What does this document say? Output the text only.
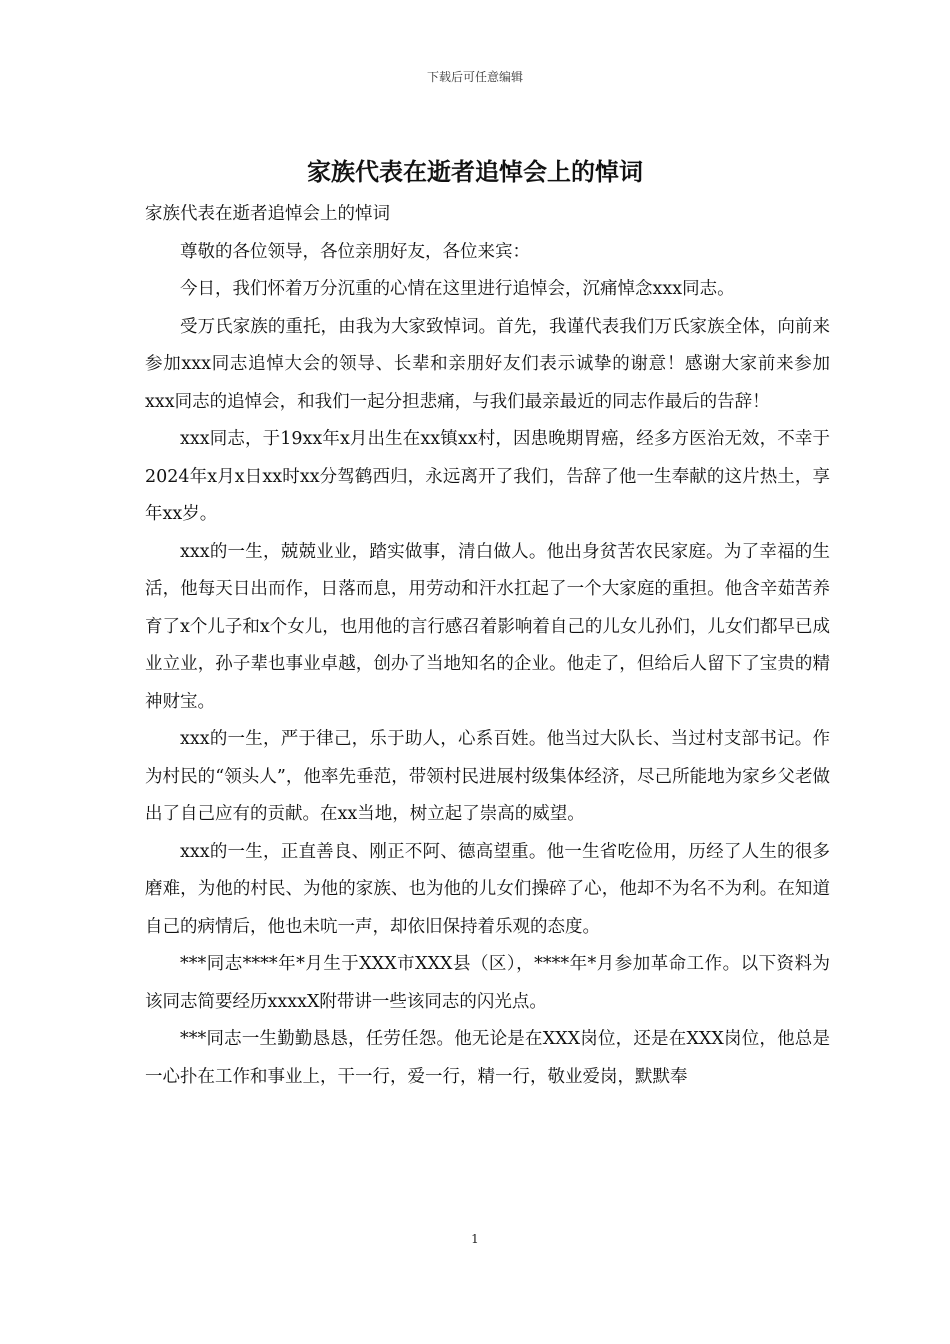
下载后可任意编辑
家族代表在逝者追悼会上的悼词

家族代表在逝者追悼会上的悼词

尊敬的各位领导，各位亲朋好友，各位来宾：

今日，我们怀着万分沉重的心情在这里进行追悼会，沉痛悼念xxx同志。

受万氏家族的重托，由我为大家致悼词。首先，我谨代表我们万氏家族全体，向前来参加xxx同志追悼大会的领导、长辈和亲朋好友们表示诚挚的谢意！感谢大家前来参加xxx同志的追悼会，和我们一起分担悲痛，与我们最亲最近的同志作最后的告辞！

xxx同志，于19xx年x月出生在xx镇xx村，因患晚期胃癌，经多方医治无效，不幸于2024年x月x日xx时xx分驾鹤西归，永远离开了我们，告辞了他一生奉献的这片热土，享年xx岁。

xxx的一生，兢兢业业，踏实做事，清白做人。他出身贫苦农民家庭。为了幸福的生活，他每天日出而作，日落而息，用劳动和汗水扛起了一个大家庭的重担。他含辛茹苦养育了x个儿子和x个女儿，也用他的言行感召着影响着自己的儿女儿孙们，儿女们都早已成业立业，孙子辈也事业卓越，创办了当地知名的企业。他走了，但给后人留下了宝贵的精神财宝。

xxx的一生，严于律己，乐于助人，心系百姓。他当过大队长、当过村支部书记。作为村民的“领头人”，他率先垂范，带领村民进展村级集体经济，尽己所能地为家乡父老做出了自己应有的贡献。在xx当地，树立起了崇高的威望。

xxx的一生，正直善良、刚正不阿、德高望重。他一生省吃俭用，历经了人生的很多磨难，为他的村民、为他的家族、也为他的儿女们操碎了心，他却不为名不为利。在知道自己的病情后，他也未吭一声，却依旧保持着乐观的态度。

***同志****年*月生于XXX市XXX县（区），****年*月参加革命工作。以下资料为该同志简要经历xxxxX附带讲一些该同志的闪光点。

***同志一生勤勤恳恳，任劳任怨。他无论是在XXX岗位，还是在XXX岗位，他总是一心扑在工作和事业上，干一行，爱一行，精一行，敬业爱岗，默默奉

1
